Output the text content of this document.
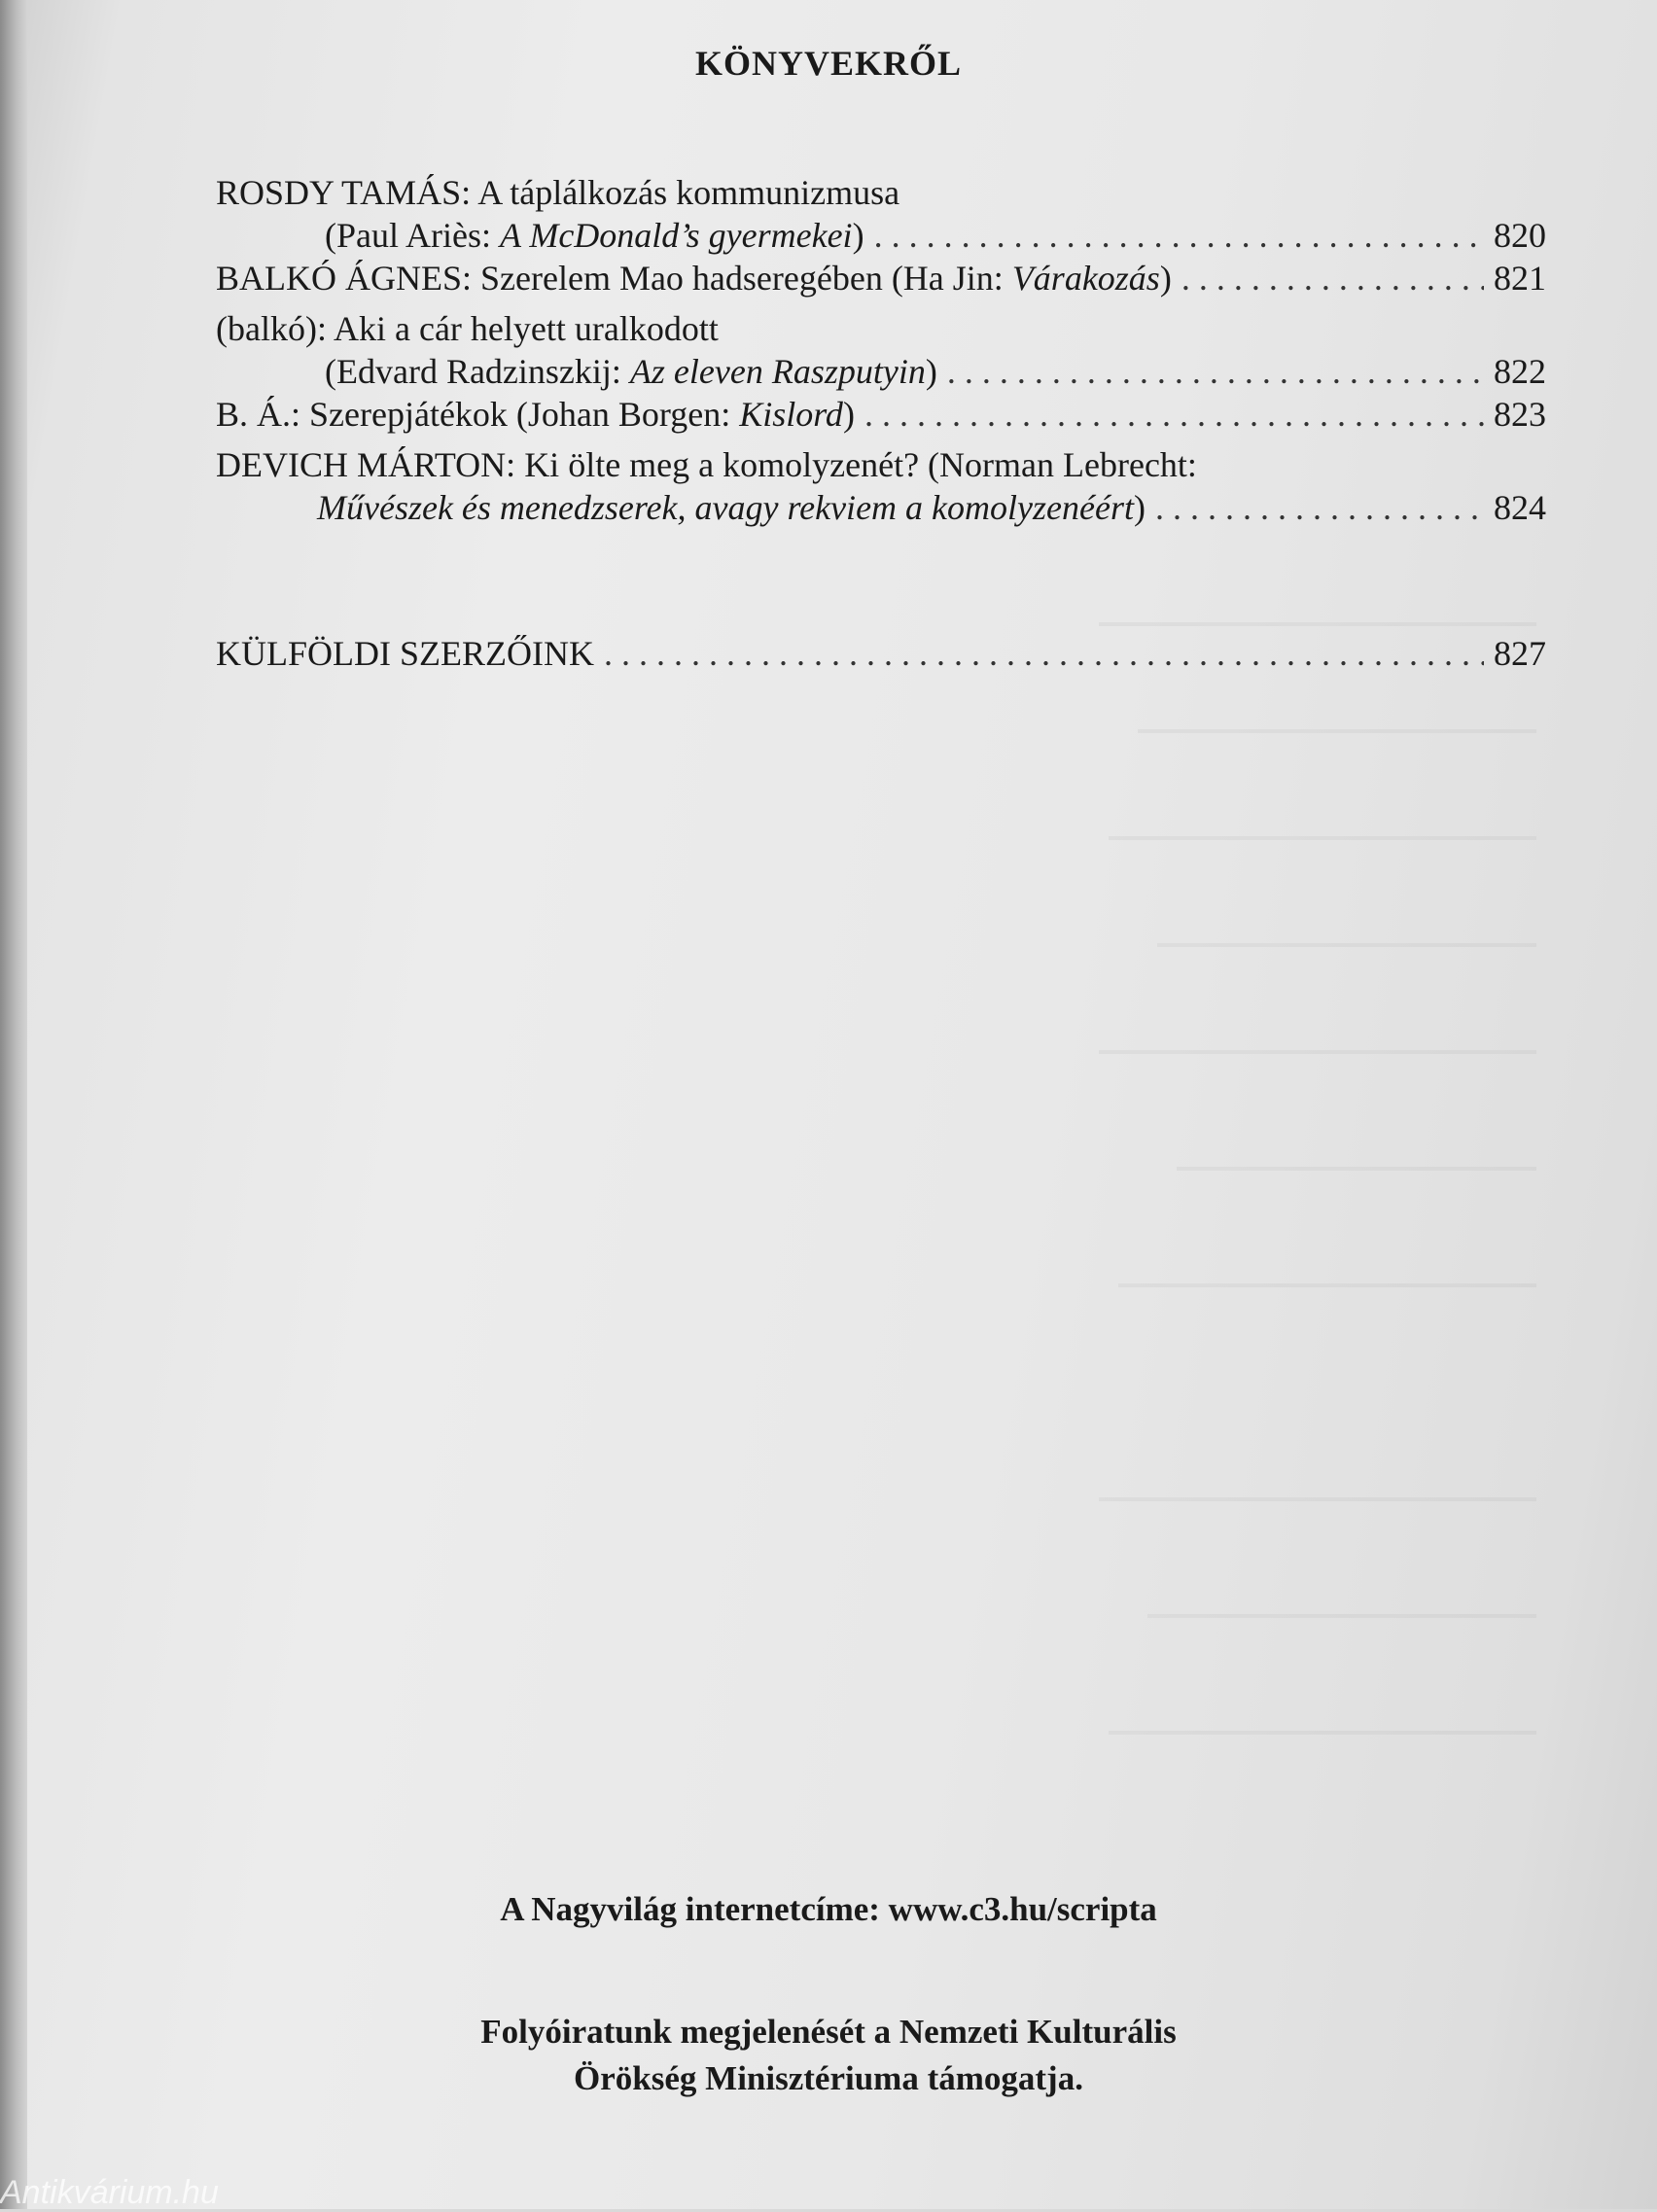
KÖNYVEKRŐL
ROSDY TAMÁS: A táplálkozás kommunizmusa
(Paul Ariès: A McDonald’s gyermekei) . . .	820
BALKÓ ÁGNES: Szerelem Mao hadseregében (Ha Jin: Várakozás) . . .	821
(balkó): Aki a cár helyett uralkodott
(Edvard Radzinszkij: Az eleven Raszputyin) . . .	822
B. Á.: Szerepjátékok (Johan Borgen: Kislord) . . .	823
DEVICH MÁRTON: Ki ölte meg a komolyzenét? (Norman Lebrecht:
Művészek és menedzserek, avagy rekviem a komolyzenéért) . . .	824
KÜLFÖLDI SZERZŐINK . . .	827
A Nagyvilág internetcíme: www.c3.hu/scripta
Folyóiratunk megjelenését a Nemzeti Kulturális
Örökség Minisztériuma támogatja.
Antikvárium.hu
